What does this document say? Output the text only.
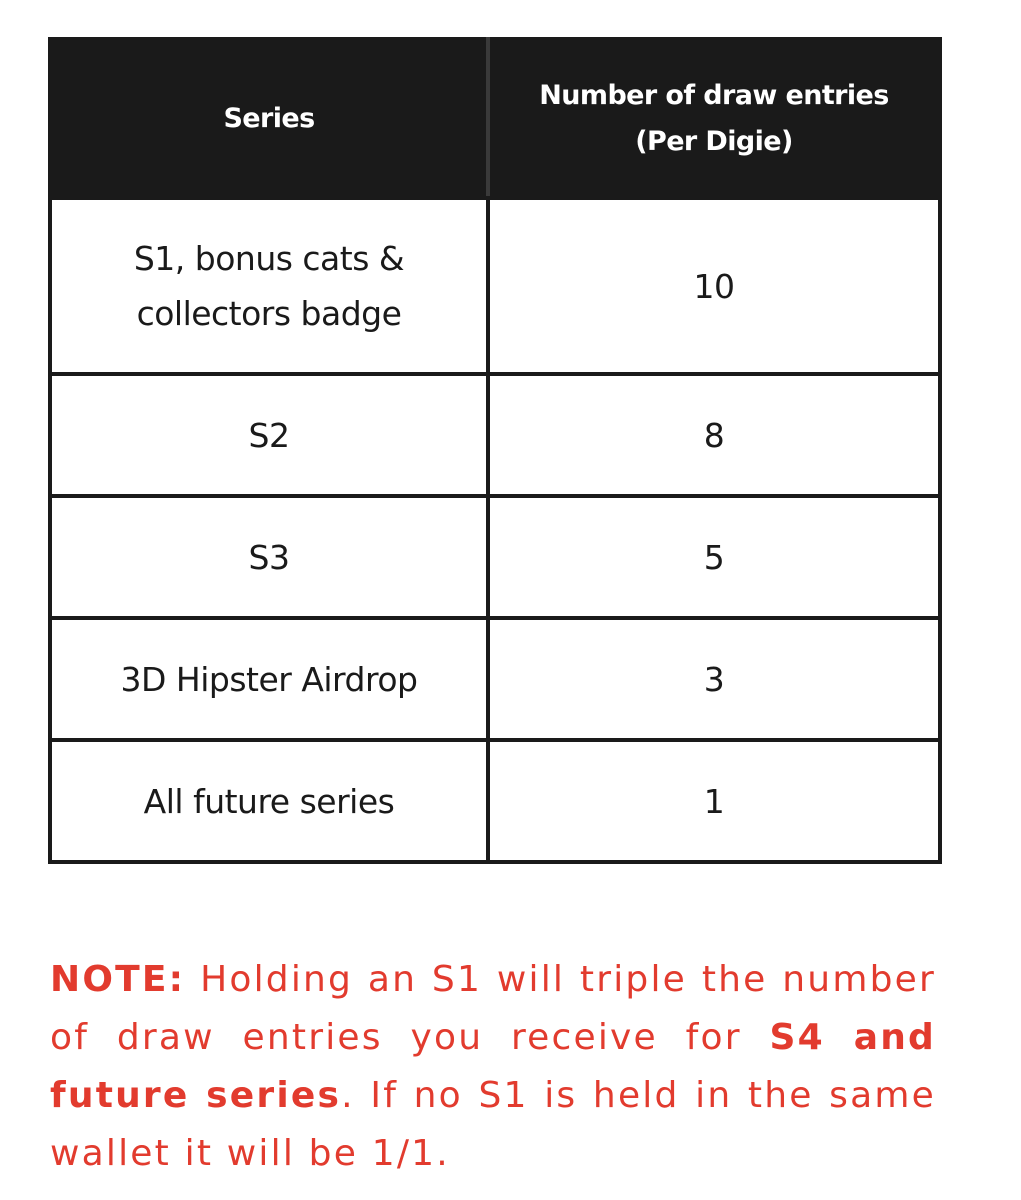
Series	Number of draw entries
(Per Digie)
S1, bonus cats &
collectors badge	10
S2	8
S3	5
3D Hipster Airdrop	3
All future series	1

NOTE: Holding an S1 will triple the number of draw entries you receive for S4 and future series. If no S1 is held in the same wallet it will be 1/1.
